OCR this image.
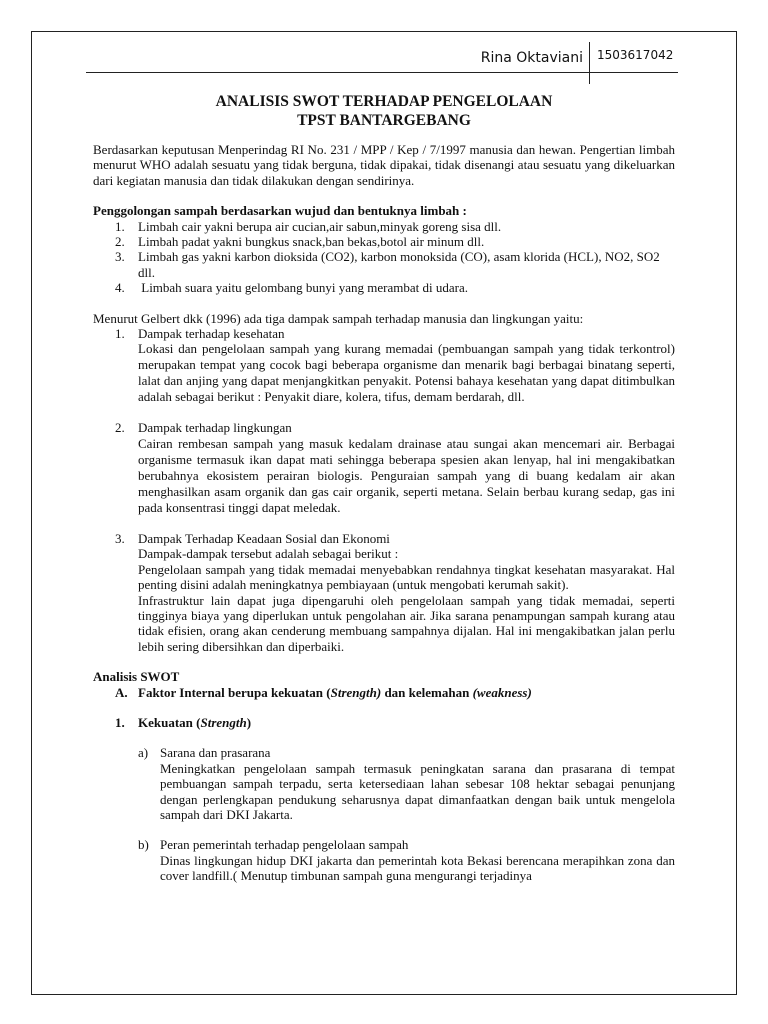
Rina Oktaviani 1503617042
ANALISIS SWOT TERHADAP PENGELOLAAN
TPST BANTARGEBANG

Berdasarkan keputusan Menperindag RI No. 231 / MPP / Kep / 7/1997 manusia dan hewan. Pengertian limbah menurut WHO adalah sesuatu yang tidak berguna, tidak dipakai, tidak disenangi atau sesuatu yang dikeluarkan dari kegiatan manusia dan tidak dilakukan dengan sendirinya.

Penggolongan sampah berdasarkan wujud dan bentuknya limbah :

1.	Limbah cair yakni berupa air cucian,air sabun,minyak goreng sisa dll.
2.	Limbah padat yakni bungkus snack,ban bekas,botol air minum dll.
3.	Limbah gas yakni karbon dioksida (CO2), karbon monoksida (CO), asam klorida (HCL), NO2, SO2 dll.
4.	Limbah suara yaitu gelombang bunyi yang merambat di udara.

Menurut Gelbert dkk (1996) ada tiga dampak sampah terhadap manusia dan lingkungan yaitu:

1.	Dampak terhadap kesehatan

Lokasi dan pengelolaan sampah yang kurang memadai (pembuangan sampah yang tidak terkontrol) merupakan tempat yang cocok bagi beberapa organisme dan menarik bagi berbagai binatang seperti, lalat dan anjing yang dapat menjangkitkan penyakit. Potensi bahaya kesehatan yang dapat ditimbulkan adalah sebagai berikut : Penyakit diare, kolera, tifus, demam berdarah, dll.

2.	Dampak terhadap lingkungan

Cairan rembesan sampah yang masuk kedalam drainase atau sungai akan mencemari air. Berbagai organisme termasuk ikan dapat mati sehingga beberapa spesien akan lenyap, hal ini mengakibatkan berubahnya ekosistem perairan biologis. Penguraian sampah yang di buang kedalam air akan menghasilkan asam organik dan gas cair organik, seperti metana. Selain berbau kurang sedap, gas ini pada konsentrasi tinggi dapat meledak.

3.	Dampak Terhadap Keadaan Sosial dan Ekonomi

Dampak-dampak tersebut adalah sebagai berikut :

Pengelolaan sampah yang tidak memadai menyebabkan rendahnya tingkat kesehatan masyarakat. Hal penting disini adalah meningkatnya pembiayaan (untuk mengobati kerumah sakit).

Infrastruktur lain dapat juga dipengaruhi oleh pengelolaan sampah yang tidak memadai, seperti tingginya biaya yang diperlukan untuk pengolahan air. Jika sarana penampungan sampah kurang atau tidak efisien, orang akan cenderung membuang sampahnya dijalan. Hal ini mengakibatkan jalan perlu lebih sering dibersihkan dan diperbaiki.

Analisis SWOT

A. Faktor Internal berupa kekuatan (Strength) dan kelemahan (weakness)
1.	Kekuatan (Strength)
a) Sarana dan prasarana

Meningkatkan pengelolaan sampah termasuk peningkatan sarana dan prasarana di tempat pembuangan sampah terpadu, serta ketersediaan lahan sebesar 108 hektar sebagai penunjang dengan perlengkapan pendukung seharusnya dapat dimanfaatkan dengan baik untuk mengelola sampah dari DKI Jakarta.

b) Peran pemerintah terhadap pengelolaan sampah

Dinas lingkungan hidup DKI jakarta dan pemerintah kota Bekasi berencana merapihkan zona dan cover landfill.( Menutup timbunan sampah guna mengurangi terjadinya
